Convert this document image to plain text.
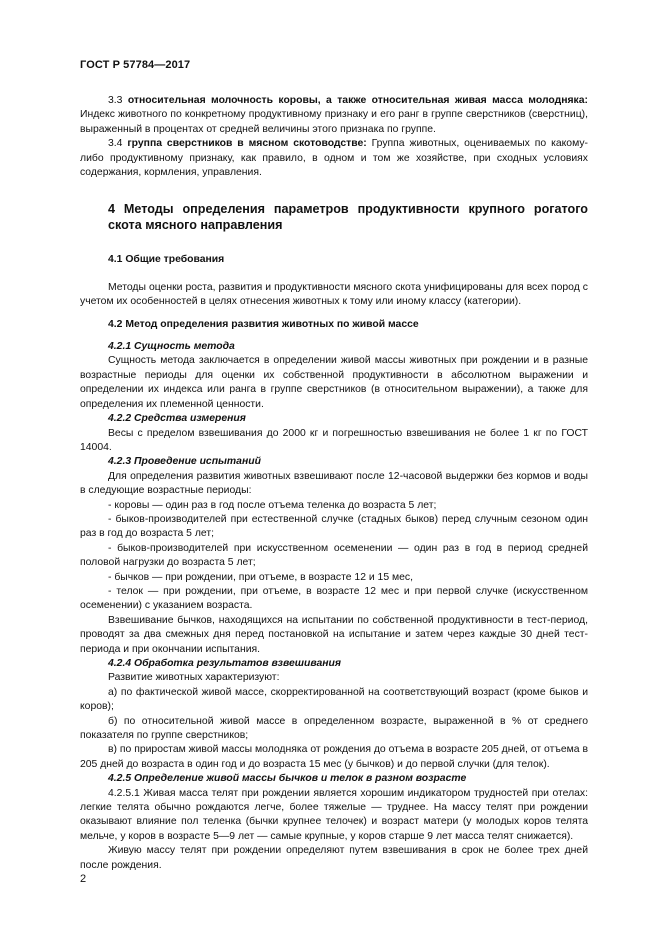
ГОСТ Р 57784—2017

3.3 относительная молочность коровы, а также относительная живая масса молодняка: Индекс животного по конкретному продуктивному признаку и его ранг в группе сверстников (сверстниц), выраженный в процентах от средней величины этого признака по группе.

3.4 группа сверстников в мясном скотоводстве: Группа животных, оцениваемых по какому-либо продуктивному признаку, как правило, в одном и том же хозяйстве, при сходных условиях содержания, кормления, управления.

4 Методы определения параметров продуктивности крупного рогатого скота мясного направления

4.1 Общие требования

Методы оценки роста, развития и продуктивности мясного скота унифицированы для всех пород с учетом их особенностей в целях отнесения животных к тому или иному классу (категории).

4.2 Метод определения развития животных по живой массе

4.2.1 Сущность метода

Сущность метода заключается в определении живой массы животных при рождении и в разные возрастные периоды для оценки их собственной продуктивности в абсолютном выражении и определении их индекса или ранга в группе сверстников (в относительном выражении), а также для определения их племенной ценности.

4.2.2 Средства измерения

Весы с пределом взвешивания до 2000 кг и погрешностью взвешивания не более 1 кг по ГОСТ 14004.

4.2.3 Проведение испытаний

Для определения развития животных взвешивают после 12-часовой выдержки без кормов и воды в следующие возрастные периоды:

- коровы — один раз в год после отъема теленка до возраста 5 лет;

- быков-производителей при естественной случке (стадных быков) перед случным сезоном один раз в год до возраста 5 лет;

- быков-производителей при искусственном осеменении — один раз в год в период средней половой нагрузки до возраста 5 лет;

- бычков — при рождении, при отъеме, в возрасте 12 и 15 мес,

- телок — при рождении, при отъеме, в возрасте 12 мес и при первой случке (искусственном осеменении) с указанием возраста.

Взвешивание бычков, находящихся на испытании по собственной продуктивности в тест-период, проводят за два смежных дня перед постановкой на испытание и затем через каждые 30 дней тест-периода и при окончании испытания.

4.2.4 Обработка результатов взвешивания

Развитие животных характеризуют:

а) по фактической живой массе, скорректированной на соответствующий возраст (кроме быков и коров);

б) по относительной живой массе в определенном возрасте, выраженной в % от среднего показателя по группе сверстников;

в) по приростам живой массы молодняка от рождения до отъема в возрасте 205 дней, от отъема в 205 дней до возраста в один год и до возраста 15 мес (у бычков) и до первой случки (для телок).

4.2.5 Определение живой массы бычков и телок в разном возрасте

4.2.5.1 Живая масса телят при рождении является хорошим индикатором трудностей при отелах: легкие телята обычно рождаются легче, более тяжелые — труднее. На массу телят при рождении оказывают влияние пол теленка (бычки крупнее телочек) и возраст матери (у молодых коров телята мельче, у коров в возрасте 5—9 лет — самые крупные, у коров старше 9 лет масса телят снижается).

Живую массу телят при рождении определяют путем взвешивания в срок не более трех дней после рождения.

2
